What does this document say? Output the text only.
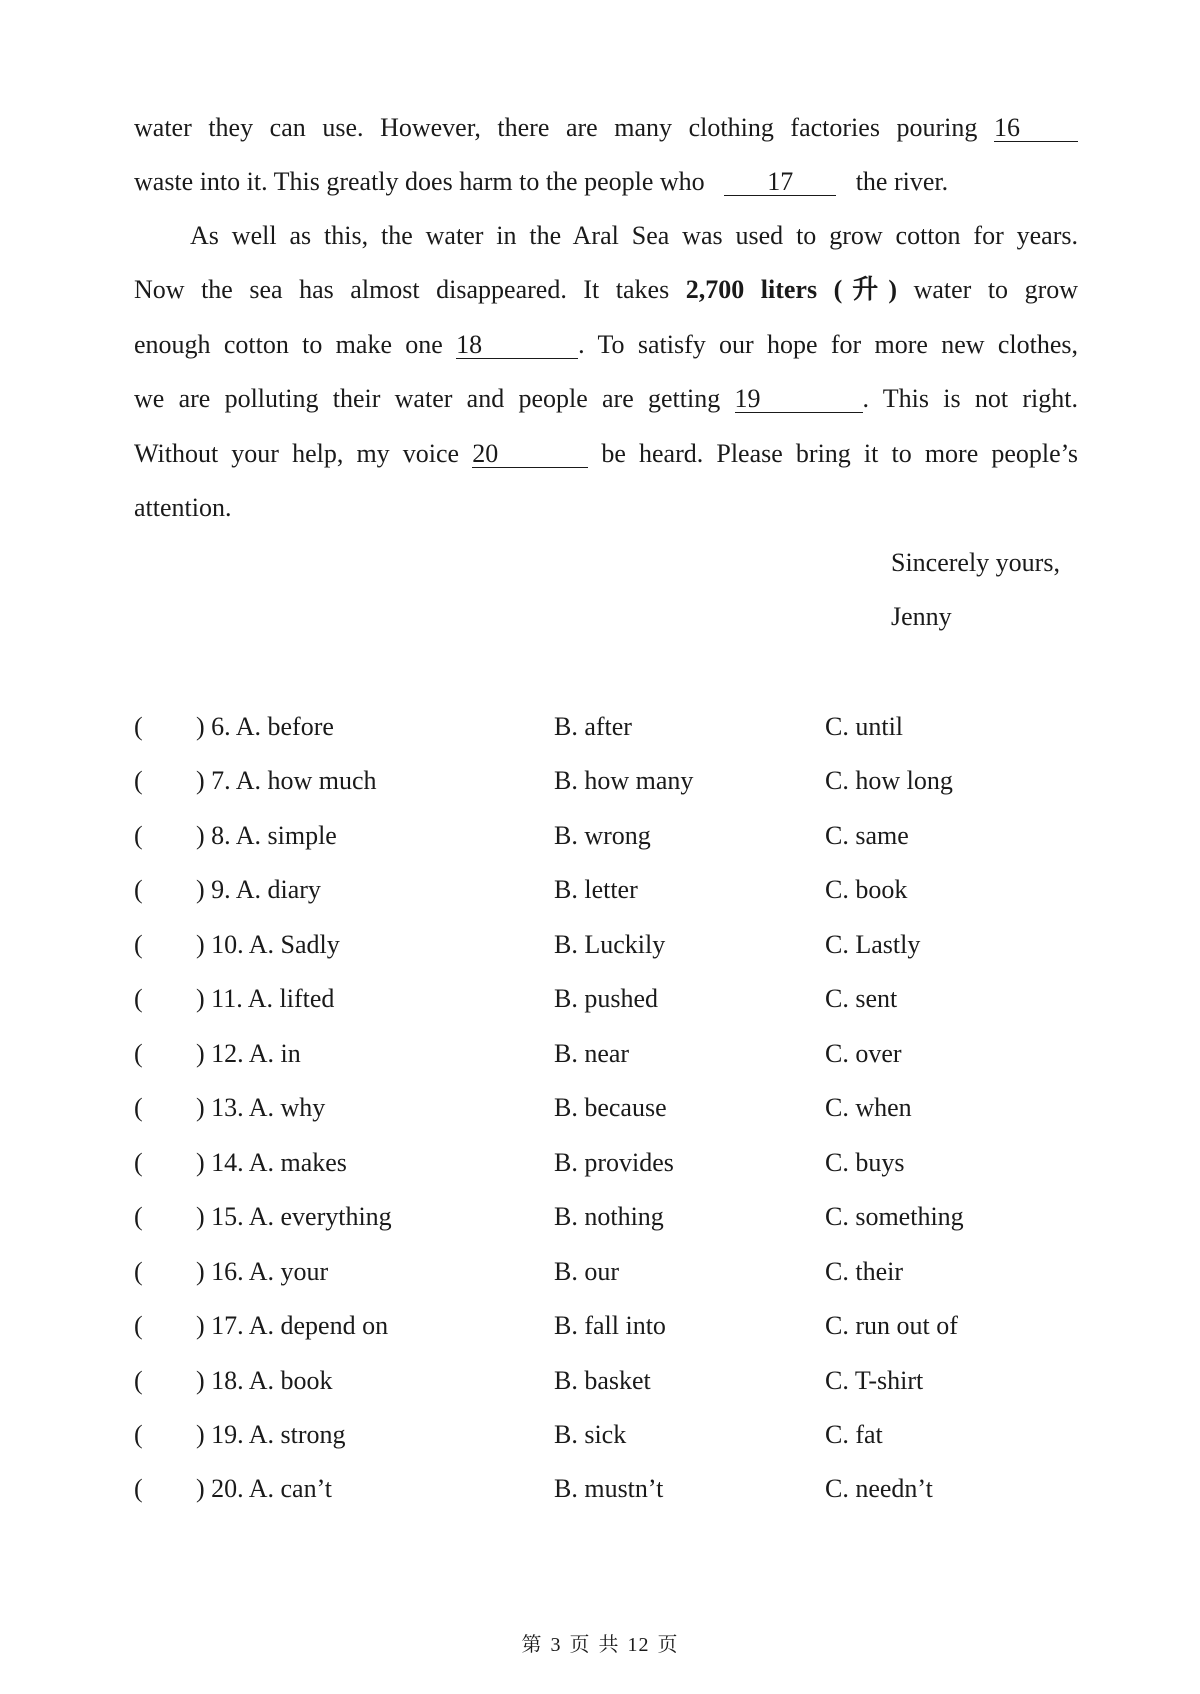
water they can use. However, there are many clothing factories pouring 16
waste into it. This greatly does harm to the people who 17 the river.
As well as this, the water in the Aral Sea was used to grow cotton for years.
Now the sea has almost disappeared. It takes 2,700 liters (升) water to grow
enough cotton to make one 18	. To satisfy our hope for more new clothes,
we are polluting their water and people are getting 19	. This is not right.
Without your help, my voice 20	be heard. Please bring it to more people’s
attention.
Sincerely yours,
Jenny
( ) 6. A. before	B. after	C. until
( ) 7. A. how much	B. how many	C. how long
( ) 8. A. simple	B. wrong	C. same
( ) 9. A. diary	B. letter	C. book
( ) 10. A. Sadly	B. Luckily	C. Lastly
( ) 11. A. lifted	B. pushed	C. sent
( ) 12. A. in	B. near	C. over
( ) 13. A. why	B. because	C. when
( ) 14. A. makes	B. provides	C. buys
( ) 15. A. everything	B. nothing	C. something
( ) 16. A. your	B. our	C. their
( ) 17. A. depend on	B. fall into	C. run out of
( ) 18. A. book	B. basket	C. T-shirt
( ) 19. A. strong	B. sick	C. fat
( ) 20. A. can’t	B. mustn’t	C. needn’t
第 3 页 共 12 页
